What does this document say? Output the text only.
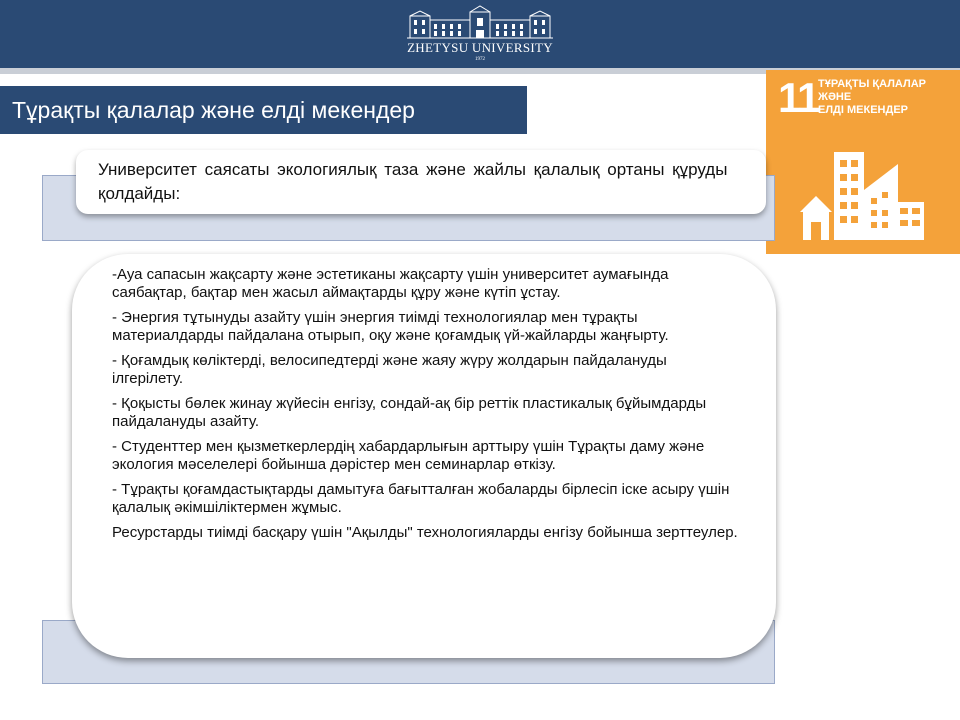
ZHETYSU UNIVERSITY
1972
Тұрақты қалалар және елді мекендер	11 ТҰРАҚТЫ ҚАЛАЛАР
ЖӘНЕ
ЕЛДІ МЕКЕНДЕР
Университет саясаты экологиялық таза және жайлы қалалық ортаны құруды қолдайды:
-Ауа сапасын жақсарту және эстетиканы жақсарту үшін университет аумағында саябақтар, бақтар мен жасыл аймақтарды құру және күтіп ұстау.
- Энергия тұтынуды азайту үшін энергия тиімді технологиялар мен тұрақты материалдарды пайдалана отырып, оқу және қоғамдық үй-жайларды жаңғырту.
- Қоғамдық көліктерді, велосипедтерді және жаяу жүру жолдарын пайдалануды ілгерілету.
- Қоқысты бөлек жинау жүйесін енгізу, сондай-ақ бір реттік пластикалық бұйымдарды пайдалануды азайту.
- Студенттер мен қызметкерлердің хабардарлығын арттыру үшін Тұрақты даму және экология мәселелері бойынша дәрістер мен семинарлар өткізу.
- Тұрақты қоғамдастықтарды дамытуға бағытталған жобаларды бірлесіп іске асыру үшін қалалық әкімшіліктермен жұмыс.
Ресурстарды тиімді басқару үшін "Ақылды" технологияларды енгізу бойынша зерттеулер.
